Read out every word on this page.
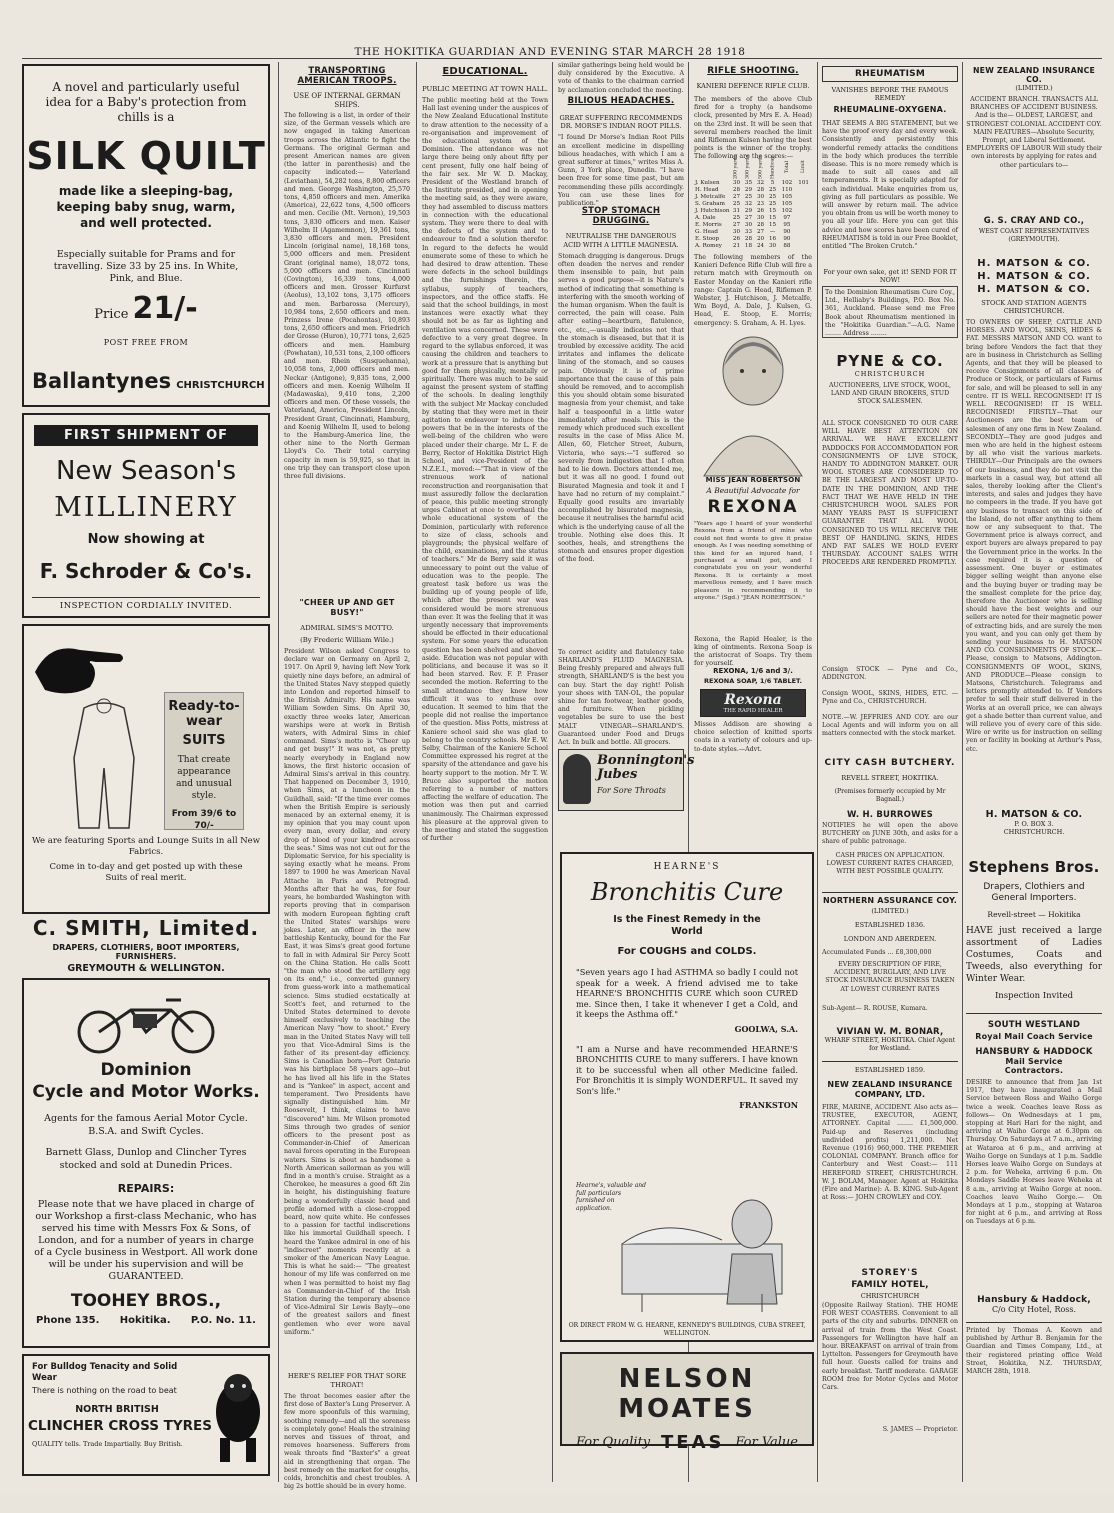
THE HOKITIKA GUARDIAN AND EVENING STAR MARCH 28 1918
A novel and particularly useful idea for a Baby's protection from chills is a
SILK QUILT
made like a sleeping-bag, keeping baby snug, warm, and well protected.
Especially suitable for Prams and for travelling. Size 33 by 25 ins. In White, Pink, and Blue.
Price 21/-
POST FREE FROM
Ballantynes CHRISTCHURCH
FIRST SHIPMENT OF
New Season's
MILLINERY
Now showing at
F. Schroder & Co's.
INSPECTION CORDIALLY INVITED.
Ready-to-wear
SUITS
That create appearance and unusual style.
From 39/6 to 70/-
We are featuring Sports and Lounge Suits in all New Fabrics.
Come in to-day and get posted up with these Suits of real merit.
C. SMITH, Limited.
DRAPERS, CLOTHIERS, BOOT IMPORTERS, FURNISHERS.
GREYMOUTH & WELLINGTON.
Dominion
Cycle and Motor Works.
Agents for the famous Aerial Motor Cycle. B.S.A. and Swift Cycles.
Barnett Glass, Dunlop and Clincher Tyres stocked and sold at Dunedin Prices.
REPAIRS:
Please note that we have placed in charge of our Workshop a first-class Mechanic, who has served his time with Messrs Fox & Sons, of London, and for a number of years in charge of a Cycle business in Westport. All work done will be under his supervision and will be GUARANTEED.
TOOHEY BROS.,
Phone 135. Hokitika. P.O. No. 11.
For Bulldog Tenacity and Solid Wear
There is nothing on the road to beat
NORTH BRITISH
CLINCHER CROSS TYRES
QUALITY tells. Trade Impartially. Buy British.
TRANSPORTING AMERICAN TROOPS.
USE OF INTERNAL GERMAN SHIPS.
The following is a list, in order of their size, of the German vessels which are now engaged in taking American troops across the Atlantic to fight the Germans. The original German and present American names are given (the latter in parenthesis) and the capacity indicated:— Vaterland (Leviathan), 54,282 tons, 8,800 officers and men. George Washington, 25,570 tons, 4,850 officers and men. Amerika (America), 22,622 tons, 4,500 officers and men. Cecilie (Mt. Vernon), 19,503 tons, 3,830 officers and men. Kaiser Wilhelm II (Agamemnon), 19,361 tons, 3,830 officers and men. President Lincoln (original name), 18,168 tons, 5,000 officers and men. President Grant (original name), 18,072 tons, 5,000 officers and men. Cincinnati (Covington), 16,339 tons, 4,000 officers and men. Grosser Kurfurst (Aeolus), 13,102 tons, 3,175 officers and men. Barbarossa (Mercury), 10,984 tons, 2,650 officers and men. Prinzess Irene (Pocahontas), 10,893 tons, 2,650 officers and men. Friedrich der Grosse (Huron), 10,771 tons, 2,625 officers and men. Hamburg (Powhatan), 10,531 tons, 2,100 officers and men. Rhein (Susquehanna), 10,058 tons, 2,000 officers and men. Neckar (Antigone), 9,835 tons, 2,000 officers and men. Koenig Wilhelm II (Madawaska), 9,410 tons, 2,200 officers and men. Of these vessels, the Vaterland, America, President Lincoln, President Grant, Cincinnati, Hamburg, and Koenig Wilhelm II, used to belong to the Hamburg-America line, the other nine to the North German Lloyd's Co. Their total carrying capacity in men is 59,925, so that in one trip they can transport close upon three full divisions.
"CHEER UP AND GET BUSY!"
ADMIRAL SIMS'S MOTTO.
(By Frederic William Wile.)
President Wilson asked Congress to declare war on Germany on April 2, 1917. On April 9, having left New York quietly nine days before, an admiral of the United States Navy stepped quietly into London and reported himself to the British Admiralty. His name was William Sowden Sims. On April 30, exactly three weeks later, American warships were at work in British waters, with Admiral Sims in chief command. Sims's motto is "Cheer up and get busy!" It was not, as pretty nearly everybody in England now knows, the first historic occasion of Admiral Sims's arrival in this country. That happened on December 3, 1910, when Sims, at a luncheon in the Guildhall, said: "If the time ever comes when the British Empire is seriously menaced by an external enemy, it is my opinion that you may count upon every man, every dollar, and every drop of blood of your kindred across the seas." Sims was not cut out for the Diplomatic Service, for his speciality is saying exactly what he means. From 1897 to 1900 he was American Naval Attache in Paris and Petrograd. Months after that he was, for four years, he bombarded Washington with reports proving that in comparison with modern European fighting craft the United States' warships were jokes. Later, an officer in the new battleship Kentucky, bound for the Far East, it was Sims's great good fortune to fall in with Admiral Sir Percy Scott on the China Station. He calls Scott "the man who stood the artillery egg on its end," i.e., converted gunnery from guess-work into a mathematical science. Sims studied ecstatically at Scott's feet, and returned to the United States determined to devote himself exclusively to teaching the American Navy "how to shoot." Every man in the United States Navy will tell you that Vice-Admiral Sims is the father of its present-day efficiency. Sims is Canadian born—Port Ontario was his birthplace 58 years ago—but he has lived all his life in the States and is "Yankee" in aspect, accent and temperament. Two Presidents have signally distinguished him. Mr Roosevelt, I think, claims to have "discovered" him. Mr Wilson promoted Sims through two grades of senior officers to the present post as Commander-in-Chief of American naval forces operating in the European waters. Sims is about as handsome a North American sailorman as you will find in a month's cruise. Straight as a Cherokee, he measures a good 6ft 2in in height, his distinguishing feature being a wonderfully classic head and profile adorned with a close-cropped beard, now quite white. He confesses to a passion for tactful indiscretions like his immortal Guildhall speech. I heard the Yankee admiral in one of his "indiscreet" moments recently at a smoker of the American Navy League. This is what he said:— "The greatest honour of my life was conferred on me when I was permitted to hoist my flag as Commander-in-Chief of the Irish Station during the temporary absence of Vice-Admiral Sir Lewis Bayly—one of the greatest sailors and finest gentlemen who ever wore naval uniform."
HERE'S RELIEF FOR THAT SORE THROAT!
The throat becomes easier after the first dose of Baxter's Lung Preserver. A few more spoonfuls of this warming, soothing remedy—and all the soreness is completely gone! Heals the straining nerves and tissues of throat, and removes hoarseness. Sufferers from weak throats find "Baxter's" a great aid in strengthening that organ. The best remedy on the market for coughs, colds, bronchitis and chest troubles. A big 2s bottle should be in every home.
EDUCATIONAL.
PUBLIC MEETING AT TOWN HALL.
The public meeting held at the Town Hall last evening under the auspices of the New Zealand Educational Institute to draw attention to the necessity of a re-organisation and improvement of the educational system of the Dominion. The attendance was not large there being only about fifty per cent present, fully one half being of the fair sex. Mr W. D. Mackay, President of the Westland branch of the Institute presided, and in opening the meeting said, as they were aware, they had assembled to discuss matters in connection with the educational system. They were there to deal with the defects of the system and to endeavour to find a solution therefor. In regard to the defects he would enumerate some of these to which he had desired to draw attention. These were defects in the school buildings and the furnishings therein, the syllabus, supply of teachers, inspectors, and the office staffs. He said that the school buildings, in most instances were exactly what they should not be as far as lighting and ventilation was concerned. These were defective to a very great degree. In regard to the syllabus enforced, it was causing the children and teachers to work at a pressure that is anything but good for them physically, mentally or spiritually. There was much to be said against the present system of staffing of the schools. In dealing lengthily with the subject Mr Mackay concluded by stating that they were met in their agitation to endeavour to induce the powers that be in the interests of the well-being of the children who were placed under their charge. Mr L. F. de Berry, Rector of Hokitika District High School, and vice-President of the N.Z.E.I., moved:—"That in view of the strenuous work of national reconstruction and reorganisation that must assuredly follow the declaration of peace, this public meeting strongly urges Cabinet at once to overhaul the whole educational system of the Dominion, particularly with reference to size of class, schools and playgrounds; the physical welfare of the child, examinations, and the status of teachers." Mr de Berry said it was unnecessary to point out the value of education was to the people. The greatest task before us was the building up of young people of life, which after the present war was considered would be more strenuous than ever. It was the feeling that it was urgently necessary that improvements should be effected in their educational system. For some years the education question has been shelved and shoved aside. Education was not popular with politicians, and because it was so it had been starved. Rev. F. P. Fraser seconded the motion. Referring to the small attendance they knew how difficult it was to enthuse over education. It seemed to him that the people did not realise the importance of the question. Miss Potts, mistress at Kaniere school said she was glad to belong to the country schools. Mr E. W. Selby, Chairman of the Kaniere School Committee expressed his regret at the sparsity of the attendance and gave his hearty support to the motion. Mr T. W. Bruce also supported the motion referring to a number of matters affecting the welfare of education. The motion was then put and carried unanimously. The Chairman expressed his pleasure at the approval given to the meeting and stated the suggestion of further
similar gatherings being held would be duly considered by the Executive. A vote of thanks to the chairman carried by acclamation concluded the meeting.
BILIOUS HEADACHES.
GREAT SUFFERING RECOMMENDS DR. MORSE'S INDIAN ROOT PILLS.
"I found Dr Morse's Indian Root Pills an excellent medicine in dispelling bilious headaches, with which I am a great sufferer at times," writes Miss A. Gunn, 3 York place, Dunedin. "I have been free for some time past, but am recommending these pills accordingly. You can use these lines for publication."
STOP STOMACH DRUGGING.
NEUTRALISE THE DANGEROUS ACID WITH A LITTLE MAGNESIA.
Stomach drugging is dangerous. Drugs often deaden the nerves and render them insensible to pain, but pain serves a good purpose—it is Nature's method of indicating that something is interfering with the smooth working of the human organism. When the fault is corrected, the pain will cease. Pain after eating—heartburn, flatulence, etc., etc.,—usually indicates not that the stomach is diseased, but that it is troubled by excessive acidity. The acid irritates and inflames the delicate lining of the stomach, and so causes pain. Obviously it is of prime importance that the cause of this pain should be removed, and to accomplish this you should obtain some bisurated magnesia from your chemist, and take half a teaspoonful in a little water immediately after meals. This is the remedy which produced such excellent results in the case of Miss Alice M. Allen, 60, Fletcher Street, Auburn, Victoria, who says:—"I suffered so severely from indigestion that I often had to lie down. Doctors attended me, but it was all no good. I found out Bisurated Magnesia and took it and I have had no return of my complaint." Equally good results are invariably accomplished by bisurated magnesia, because it neutralises the harmful acid which is the underlying cause of all the trouble. Nothing else does this. It soothes, heals, and strengthens the stomach and ensures proper digestion of the food.
To correct acidity and flatulency take SHARLAND'S FLUID MAGNESIA. Being freshly prepared and always full strength, SHARLAND'S is the best you can buy. Start the day right! Polish your shoes with TAN-OL, the popular shine for tan footwear, leather goods, and furniture. When pickling vegetables be sure to use the best MALT VINEGAR—SHARLAND'S. Guaranteed under Food and Drugs Act. In bulk and bottle. All grocers.
Bonnington's Jubes
For Sore Throats
RIFLE SHOOTING.
KANIERI DEFENCE RIFLE CLUB.
The members of the above Club fired for a trophy (a handsome clock, presented by Mrs E. A. Head) on the 23rd inst. It will be seen that several members reached the limit and Rifleman Kulsen having the best points is the winner of the trophy. The following are the scores:—
	200 yards	300 yards	500 yards	Handicap	Total	Limit
J. Kulsen	30	35	32	5	102	101
H. Head	28	29	28	25	110	
J. Metcalfe	27	25	30	25	105	
S. Graham	25	32	23	25	105	
J. Hutchison	31	29	26	15	102	
A. Dale	25	27	30	15	97	
E. Morris	27	30	28	15	95	
G. Head	30	33	27	—	90	
E. Stoop	26	28	20	16	90	
A. Romey	21	18	24	30	88	
The following members of the Kanieri Defence Rifle Club will fire a return match with Greymouth on Easter Monday on the Kanieri rifle range: Captain G. Head, Riflemen P. Webster, J. Hutchison, J. Metcalfe, Wm Boyd, A. Dale, J. Kulsen, G. Head, E. Stoop, E. Morris; emergency: S. Graham, A. H. Lyes.
MISS JEAN ROBERTSON
A Beautiful Advocate for
REXONA
"Years ago I heard of your wonderful Rexona from a friend of mine who could not find words to give it praise enough. As I was needing something of this kind for an injured hand, I purchased a small pot, and I congratulate you on your wonderful Rexona. It is certainly a most marvellous remedy, and I have much pleasure in recommending it to anyone." (Sgd.) "JEAN ROBERTSON."
Rexona, the Rapid Healer, is the king of ointments. Rexona Soap is the aristocrat of Soaps. Try them for yourself.
REXONA, 1/6 and 3/.
REXONA SOAP, 1/6 TABLET.
Rexona
THE RAPID HEALER
Misses Addison are showing a choice selection of knitted sports coats in a variety of colours and up-to-date styles.—Advt.
HEARNE'S
Bronchitis Cure
Is the Finest Remedy in the World
For COUGHS and COLDS.
"Seven years ago I had ASTHMA so badly I could not speak for a week. A friend advised me to take HEARNE'S BRONCHITIS CURE which soon CURED me. Since then, I take it whenever I get a Cold, and it keeps the Asthma off."
GOOLWA, S.A.
"I am a Nurse and have recommended HEARNE'S BRONCHITIS CURE to many sufferers. I have known it to be successful when all other Medicine failed. For Bronchitis it is simply WONDERFUL. It saved my Son's life."
FRANKSTON
Hearne's, valuable and full particulars furnished on application.
OR DIRECT FROM W. G. HEARNE, KENNEDY'S BUILDINGS, CUBA STREET, WELLINGTON.
NELSON MOATES
For Quality TEAS For Value
RHEUMATISM
VANISHES BEFORE THE FAMOUS REMEDY
RHEUMALINE-OXYGENA.
THAT SEEMS A BIG STATEMENT, but we have the proof every day and every week. Consistently and persistently this wonderful remedy attacks the conditions in the body which produces the terrible disease. This is no more remedy which is made to suit all cases and all temperaments. It is specially adapted for each individual. Make enquiries from us, giving as full particulars as possible. We will answer by return mail. The advice you obtain from us will be worth money to you all your life. Here you can get this advice and how scores have been cured of RHEUMATISM is told in our Free Booklet, entitled "The Broken Crutch."
For your own sake, get it! SEND FOR IT NOW!
To the Dominion Rheumatism Cure Coy., Ltd., Helliaby's Buildings, P.O. Box No. 361, Auckland. Please send me Free Book about Rheumatism mentioned in the "Hokitika Guardian."—A.G. Name ........ Address ........
PYNE & CO.
CHRISTCHURCH
AUCTIONEERS, LIVE STOCK, WOOL, LAND AND GRAIN BROKERS, STUD STOCK SALESMEN.
ALL STOCK CONSIGNED TO OUR CARE WILL HAVE BEST ATTENTION ON ARRIVAL. WE HAVE EXCELLENT PADDOCKS FOR ACCOMMODATION FOR CONSIGNMENTS OF LIVE STOCK, HANDY TO ADDINGTON MARKET. OUR WOOL STORES ARE CONSIDERED TO BE THE LARGEST AND MOST UP-TO-DATE IN THE DOMINION, AND THE FACT THAT WE HAVE HELD IN THE CHRISTCHURCH WOOL SALES FOR MANY YEARS PAST IS SUFFICIENT GUARANTEE THAT ALL WOOL CONSIGNED TO US WILL RECEIVE THE BEST OF HANDLING. SKINS, HIDES AND FAT SALES WE HOLD EVERY THURSDAY. ACCOUNT SALES WITH PROCEEDS ARE RENDERED PROMPTLY.
Consign STOCK — Pyne and Co., ADDINGTON.
Consign WOOL, SKINS, HIDES, ETC. — Pyne and Co., CHRISTCHURCH.
NOTE.—W. JEFFRIES AND COY. are our Local Agents and will inform you on all matters connected with the stock market.
CITY CASH BUTCHERY.
REVELL STREET, HOKITIKA.
(Premises formerly occupied by Mr Bagnall.)
W. H. BURROWES
NOTIFIES he will open the above BUTCHERY on JUNE 30th, and asks for a share of public patronage.
CASH PRICES ON APPLICATION. LOWEST CURRENT RATES CHARGED, WITH BEST POSSIBLE QUALITY.
NORTHERN ASSURANCE COY.
(LIMITED.)
ESTABLISHED 1836.
LONDON AND ABERDEEN.
Accumulated Funds ... £8,300,000
EVERY DESCRIPTION OF FIRE, ACCIDENT, BURGLARY, AND LIVE STOCK INSURANCE BUSINESS TAKEN AT LOWEST CURRENT RATES
Sub-Agent— R. ROUSE, Kumara.
VIVIAN W. M. BONAR,
WHARF STREET, HOKITIKA. Chief Agent for Westland.
ESTABLISHED 1859.
NEW ZEALAND INSURANCE COMPANY, LTD.
FIRE, MARINE, ACCIDENT. Also acts as— TRUSTEE, EXECUTOR, AGENT, ATTORNEY. Capital ........ £1,500,000. Paid-up and Reserves (including undivided profits) 1,211,000. Net Revenue (1916) 960,000. THE PREMIER COLONIAL COMPANY. Branch office for Canterbury and West Coast:— 111 HEREFORD STREET, CHRISTCHURCH. W. J. BOLAM, Manager. Agent at Hokitika (Fire and Marine): A. B. KING. Sub-Agent at Ross:— JOHN CROWLEY and COY.
STOREY'S
FAMILY HOTEL,
CHRISTCHURCH
(Opposite Railway Station). THE HOME FOR WEST COASTERS. Convenient to all parts of the city and suburbs. DINNER on arrival of train from the West Coast. Passengers for Wellington have half an hour. BREAKFAST on arrival of train from Lyttelton. Passengers for Greymouth have full hour. Guests called for trains and early breakfast. Tariff moderate. GARAGE ROOM free for Motor Cycles and Motor Cars.
S. JAMES — Proprietor.
NEW ZEALAND INSURANCE CO.
(LIMITED.)
ACCIDENT BRANCH. TRANSACTS ALL BRANCHES OF ACCIDENT BUSINESS. And is the— OLDEST, LARGEST, and STRONGEST COLONIAL ACCIDENT COY. MAIN FEATURES—Absolute Security, Prompt, and Liberal Settlement. EMPLOYERS OF LABOUR Will study their own interests by applying for rates and other particulars to—
G. S. CRAY AND CO.,
WEST COAST REPRESENTATIVES (GREYMOUTH).
H. MATSON & CO.
H. MATSON & CO.
H. MATSON & CO.
STOCK AND STATION AGENTS CHRISTCHURCH.
TO OWNERS OF SHEEP, CATTLE AND HORSES. AND WOOL, SKINS, HIDES & FAT. MESSRS MATSON AND CO. want to bring before Vendors the fact that they are in business in Christchurch as Selling Agents, and that they will be pleased to receive Consignments of all classes of Produce or Stock, or particulars of Farms for sale, and will be pleased to sell in any centre. IT IS WELL RECOGNISED! IT IS WELL RECOGNISED! IT IS WELL RECOGNISED! FIRSTLY—That our Auctioneers are the best team of salesmen of any one firm in New Zealand. SECONDLY—They are good judges and men who are held in the highest esteem by all who visit the various markets. THIRDLY—Our Principals are the owners of our business, and they do not visit the markets in a casual way, but attend all sales, thereby looking after the Client's interests, and sales and judges they have no compeers in the trade. If you have got any business to transact on this side of the Island, do not offer anything to them now or any subsequent to that. The Government price is always correct, and export buyers are always prepared to pay the Government price in the works. In the case required it is a question of assessment. One buyer or estimates bigger selling weight than anyone else and the buying buyer or trading may be the smallest complete for the price day, therefore the Auctioneer who is selling should have the best weights and our sellers are noted for their magnetic power of extracting bids, and are surely the men you want, and you can only get them by sending your business to H. MATSON AND CO. CONSIGNMENTS OF STOCK—Please, consign to Matsons, Addington. CONSIGNMENTS OF WOOL, SKINS, AND PRODUCE—Please consign to Matsons, Christchurch. Telegrams and letters promptly attended to. If Vendors prefer to sell their stuff delivered in the Works at an overall price, we can always get a shade better than current value, and will relieve you of every care of this side. Wire or write us for instruction on selling yen or facility in booking at Arthur's Pass, etc.
H. MATSON & CO.
P. O. BOX 3.
CHRISTCHURCH.
Stephens Bros.
Drapers, Clothiers and General Importers.
Revell-street — Hokitika
HAVE just received a large assortment of Ladies Costumes, Coats and Tweeds, also everything for Winter Wear.
Inspection Invited
SOUTH WESTLAND
Royal Mail Coach Service
HANSBURY & HADDOCK
Mail Service
Contractors.
DESIRE to announce that from Jan 1st 1917, they have inaugurated a Mail Service between Ross and Waiho Gorge twice a week. Coaches leave Ross as follows— On Wednesdays at 1 pm, stopping at Hari Hari for the night, and arriving at Waiho Gorge at 6.30pm on Thursday. On Saturdays at 7 a.m., arriving at Wataroa at 6 p.m., and arriving at Waiho Gorge on Sundays at 1 p.m. Saddle Horses leave Waiho Gorge on Sundays at 2 p.m. for Weheka, arriving 6 p.m. On Mondays Saddle Horses leave Weheka at 8 a.m., arriving at Waiho Gorge at noon. Coaches leave Waiho Gorge.— On Mondays at 1 p.m., stopping at Wataroa for night at 6 p.m., and arriving at Ross on Tuesdays at 6 p.m.
Hansbury & Haddock,
C/o City Hotel, Ross.
Printed by Thomas A. Keown and published by Arthur B. Benjamin for the Guardian and Times Company, Ltd., at their registered printing office Weld Street, Hokitika, N.Z. THURSDAY, MARCH 28th, 1918.
